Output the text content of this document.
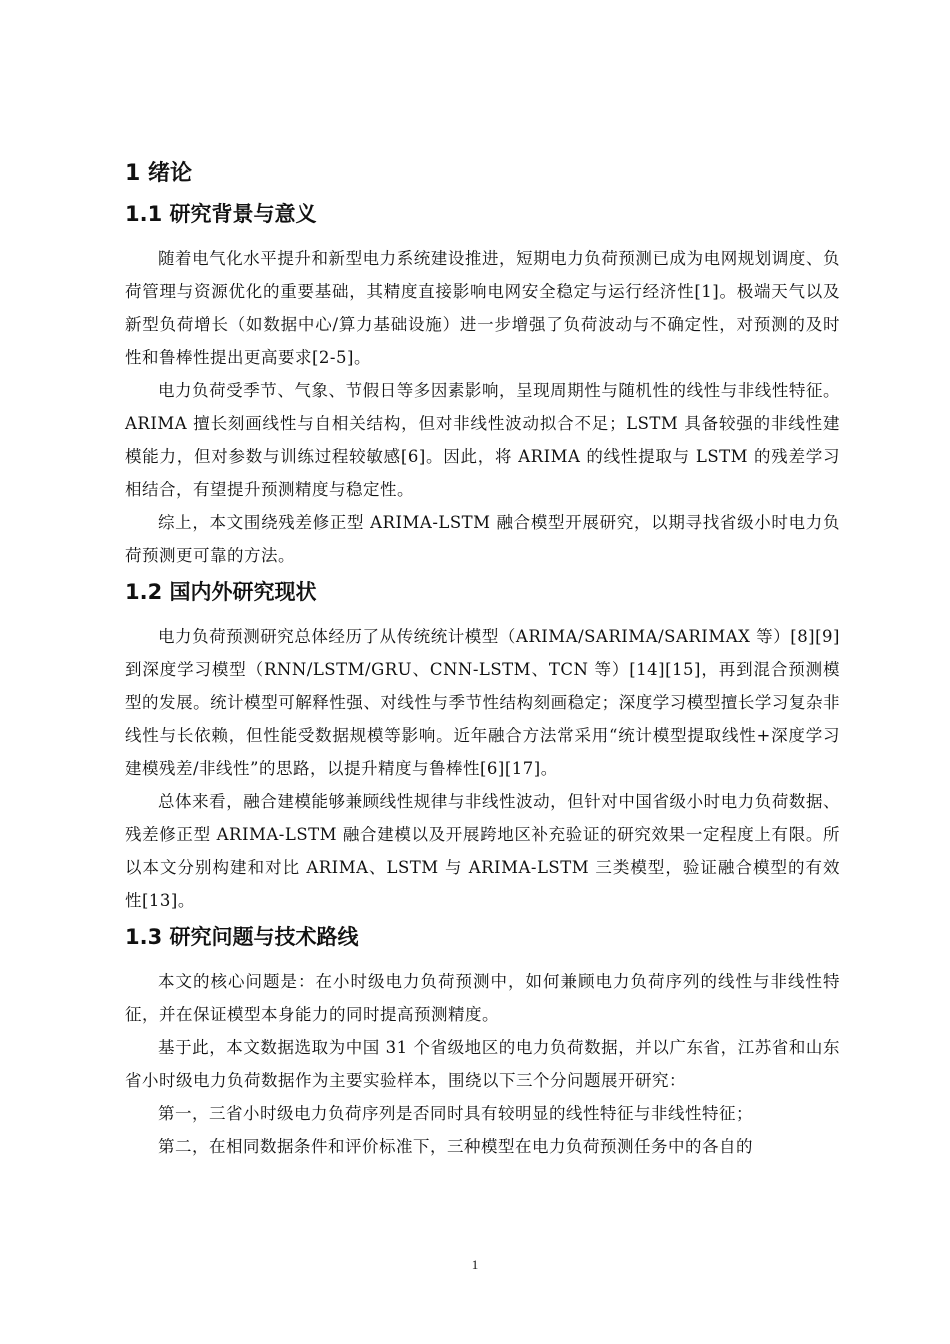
1 绪论
1.1 研究背景与意义

随着电气化水平提升和新型电力系统建设推进，短期电力负荷预测已成为电网规划调度、负荷管理与资源优化的重要基础，其精度直接影响电网安全稳定与运行经济性[1]。极端天气以及新型负荷增长（如数据中心/算力基础设施）进一步增强了负荷波动与不确定性，对预测的及时性和鲁棒性提出更高要求[2-5]。

电力负荷受季节、气象、节假日等多因素影响，呈现周期性与随机性的线性与非线性特征。ARIMA 擅长刻画线性与自相关结构，但对非线性波动拟合不足；LSTM 具备较强的非线性建模能力，但对参数与训练过程较敏感[6]。因此，将 ARIMA 的线性提取与 LSTM 的残差学习相结合，有望提升预测精度与稳定性。

综上，本文围绕残差修正型 ARIMA-LSTM 融合模型开展研究，以期寻找省级小时电力负荷预测更可靠的方法。

1.2 国内外研究现状

电力负荷预测研究总体经历了从传统统计模型（ARIMA/SARIMA/SARIMAX 等）[8][9]到深度学习模型（RNN/LSTM/GRU、CNN-LSTM、TCN 等）[14][15]，再到混合预测模型的发展。统计模型可解释性强、对线性与季节性结构刻画稳定；深度学习模型擅长学习复杂非线性与长依赖，但性能受数据规模等影响。近年融合方法常采用“统计模型提取线性+深度学习建模残差/非线性”的思路，以提升精度与鲁棒性[6][17]。

总体来看，融合建模能够兼顾线性规律与非线性波动，但针对中国省级小时电力负荷数据、残差修正型 ARIMA-LSTM 融合建模以及开展跨地区补充验证的研究效果一定程度上有限。所以本文分别构建和对比 ARIMA、LSTM 与 ARIMA-LSTM 三类模型，验证融合模型的有效性[13]。

1.3 研究问题与技术路线

本文的核心问题是：在小时级电力负荷预测中，如何兼顾电力负荷序列的线性与非线性特征，并在保证模型本身能力的同时提高预测精度。

基于此，本文数据选取为中国 31 个省级地区的电力负荷数据，并以广东省，江苏省和山东省小时级电力负荷数据作为主要实验样本，围绕以下三个分问题展开研究：

第一，三省小时级电力负荷序列是否同时具有较明显的线性特征与非线性特征；

第二，在相同数据条件和评价标准下，三种模型在电力负荷预测任务中的各自的

1
